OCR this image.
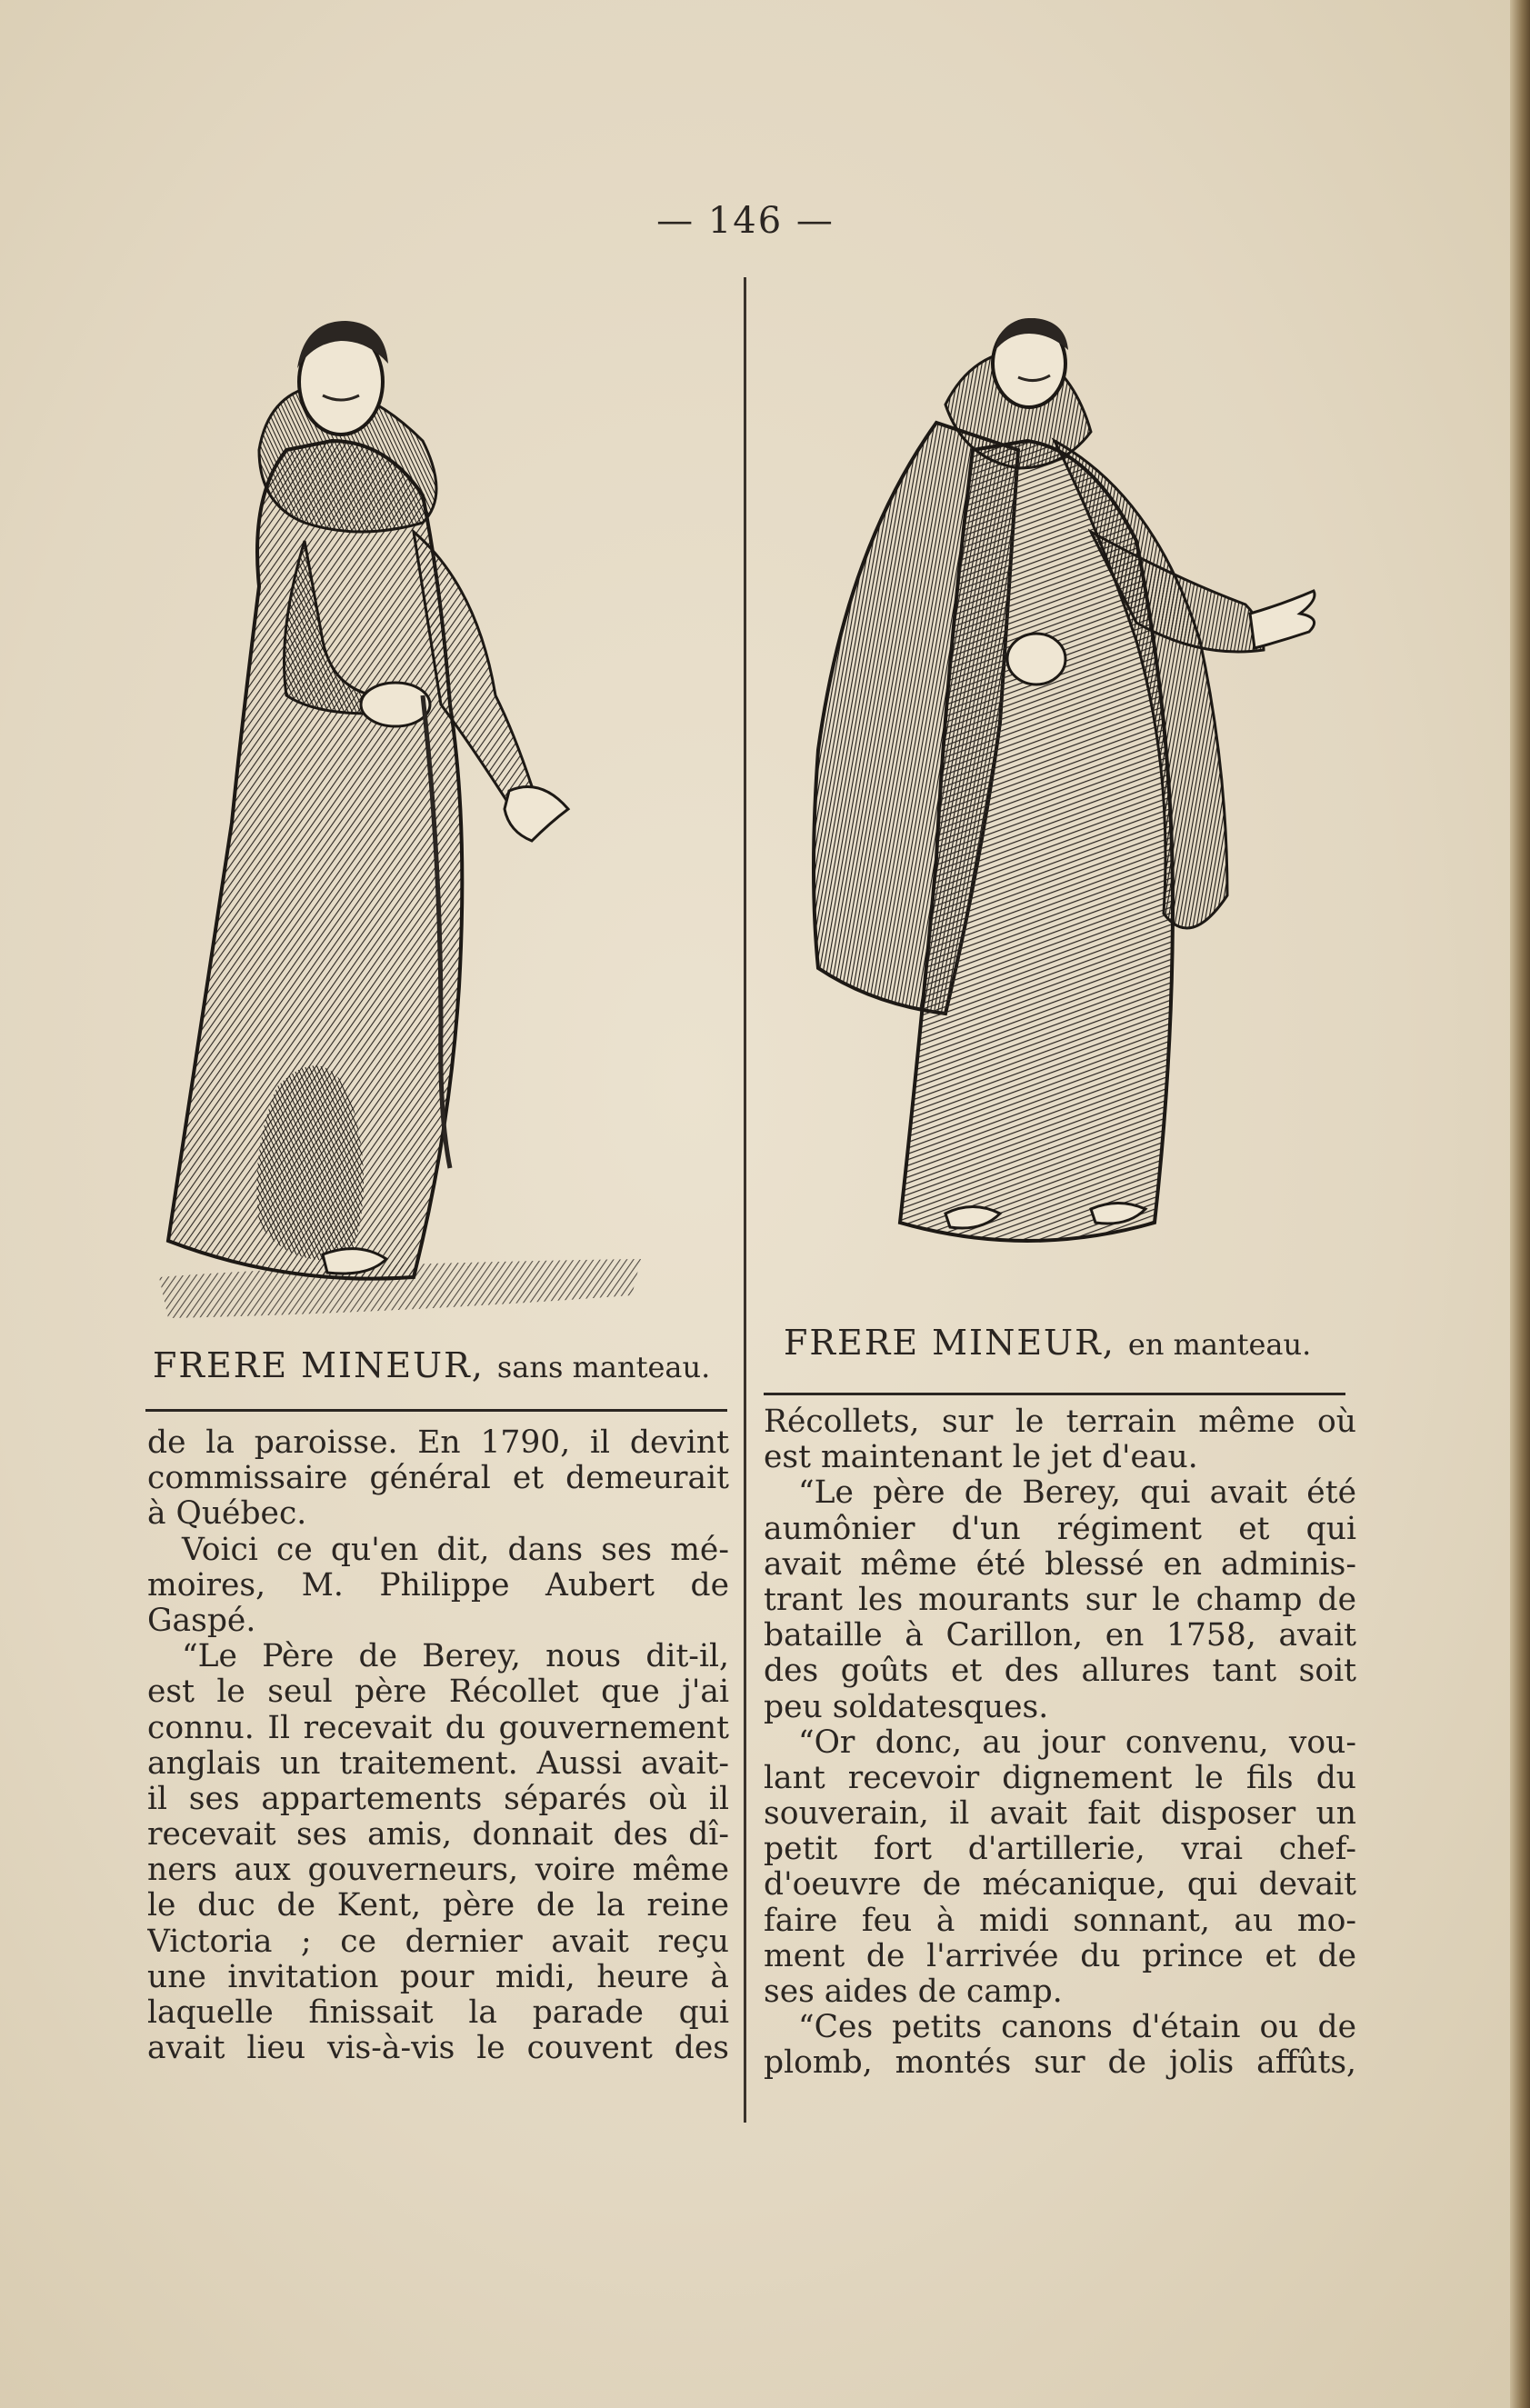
— 146 —
FRERE MINEUR, sans manteau.
FRERE MINEUR, en manteau.
de la paroisse. En 1790, il devint
commissaire général et demeurait
à Québec.
Voici ce qu'en dit, dans ses mé-
moires, M. Philippe Aubert de
Gaspé.
“Le Père de Berey, nous dit-il,
est le seul père Récollet que j'ai
connu. Il recevait du gouvernement
anglais un traitement. Aussi avait-
il ses appartements séparés où il
recevait ses amis, donnait des dî-
ners aux gouverneurs, voire même
le duc de Kent, père de la reine
Victoria ; ce dernier avait reçu
une invitation pour midi, heure à
laquelle finissait la parade qui
avait lieu vis-à-vis le couvent des
Récollets, sur le terrain même où
est maintenant le jet d'eau.
“Le père de Berey, qui avait été
aumônier d'un régiment et qui
avait même été blessé en adminis-
trant les mourants sur le champ de
bataille à Carillon, en 1758, avait
des goûts et des allures tant soit
peu soldatesques.
“Or donc, au jour convenu, vou-
lant recevoir dignement le fils du
souverain, il avait fait disposer un
petit fort d'artillerie, vrai chef-
d'oeuvre de mécanique, qui devait
faire feu à midi sonnant, au mo-
ment de l'arrivée du prince et de
ses aides de camp.
“Ces petits canons d'étain ou de
plomb, montés sur de jolis affûts,
